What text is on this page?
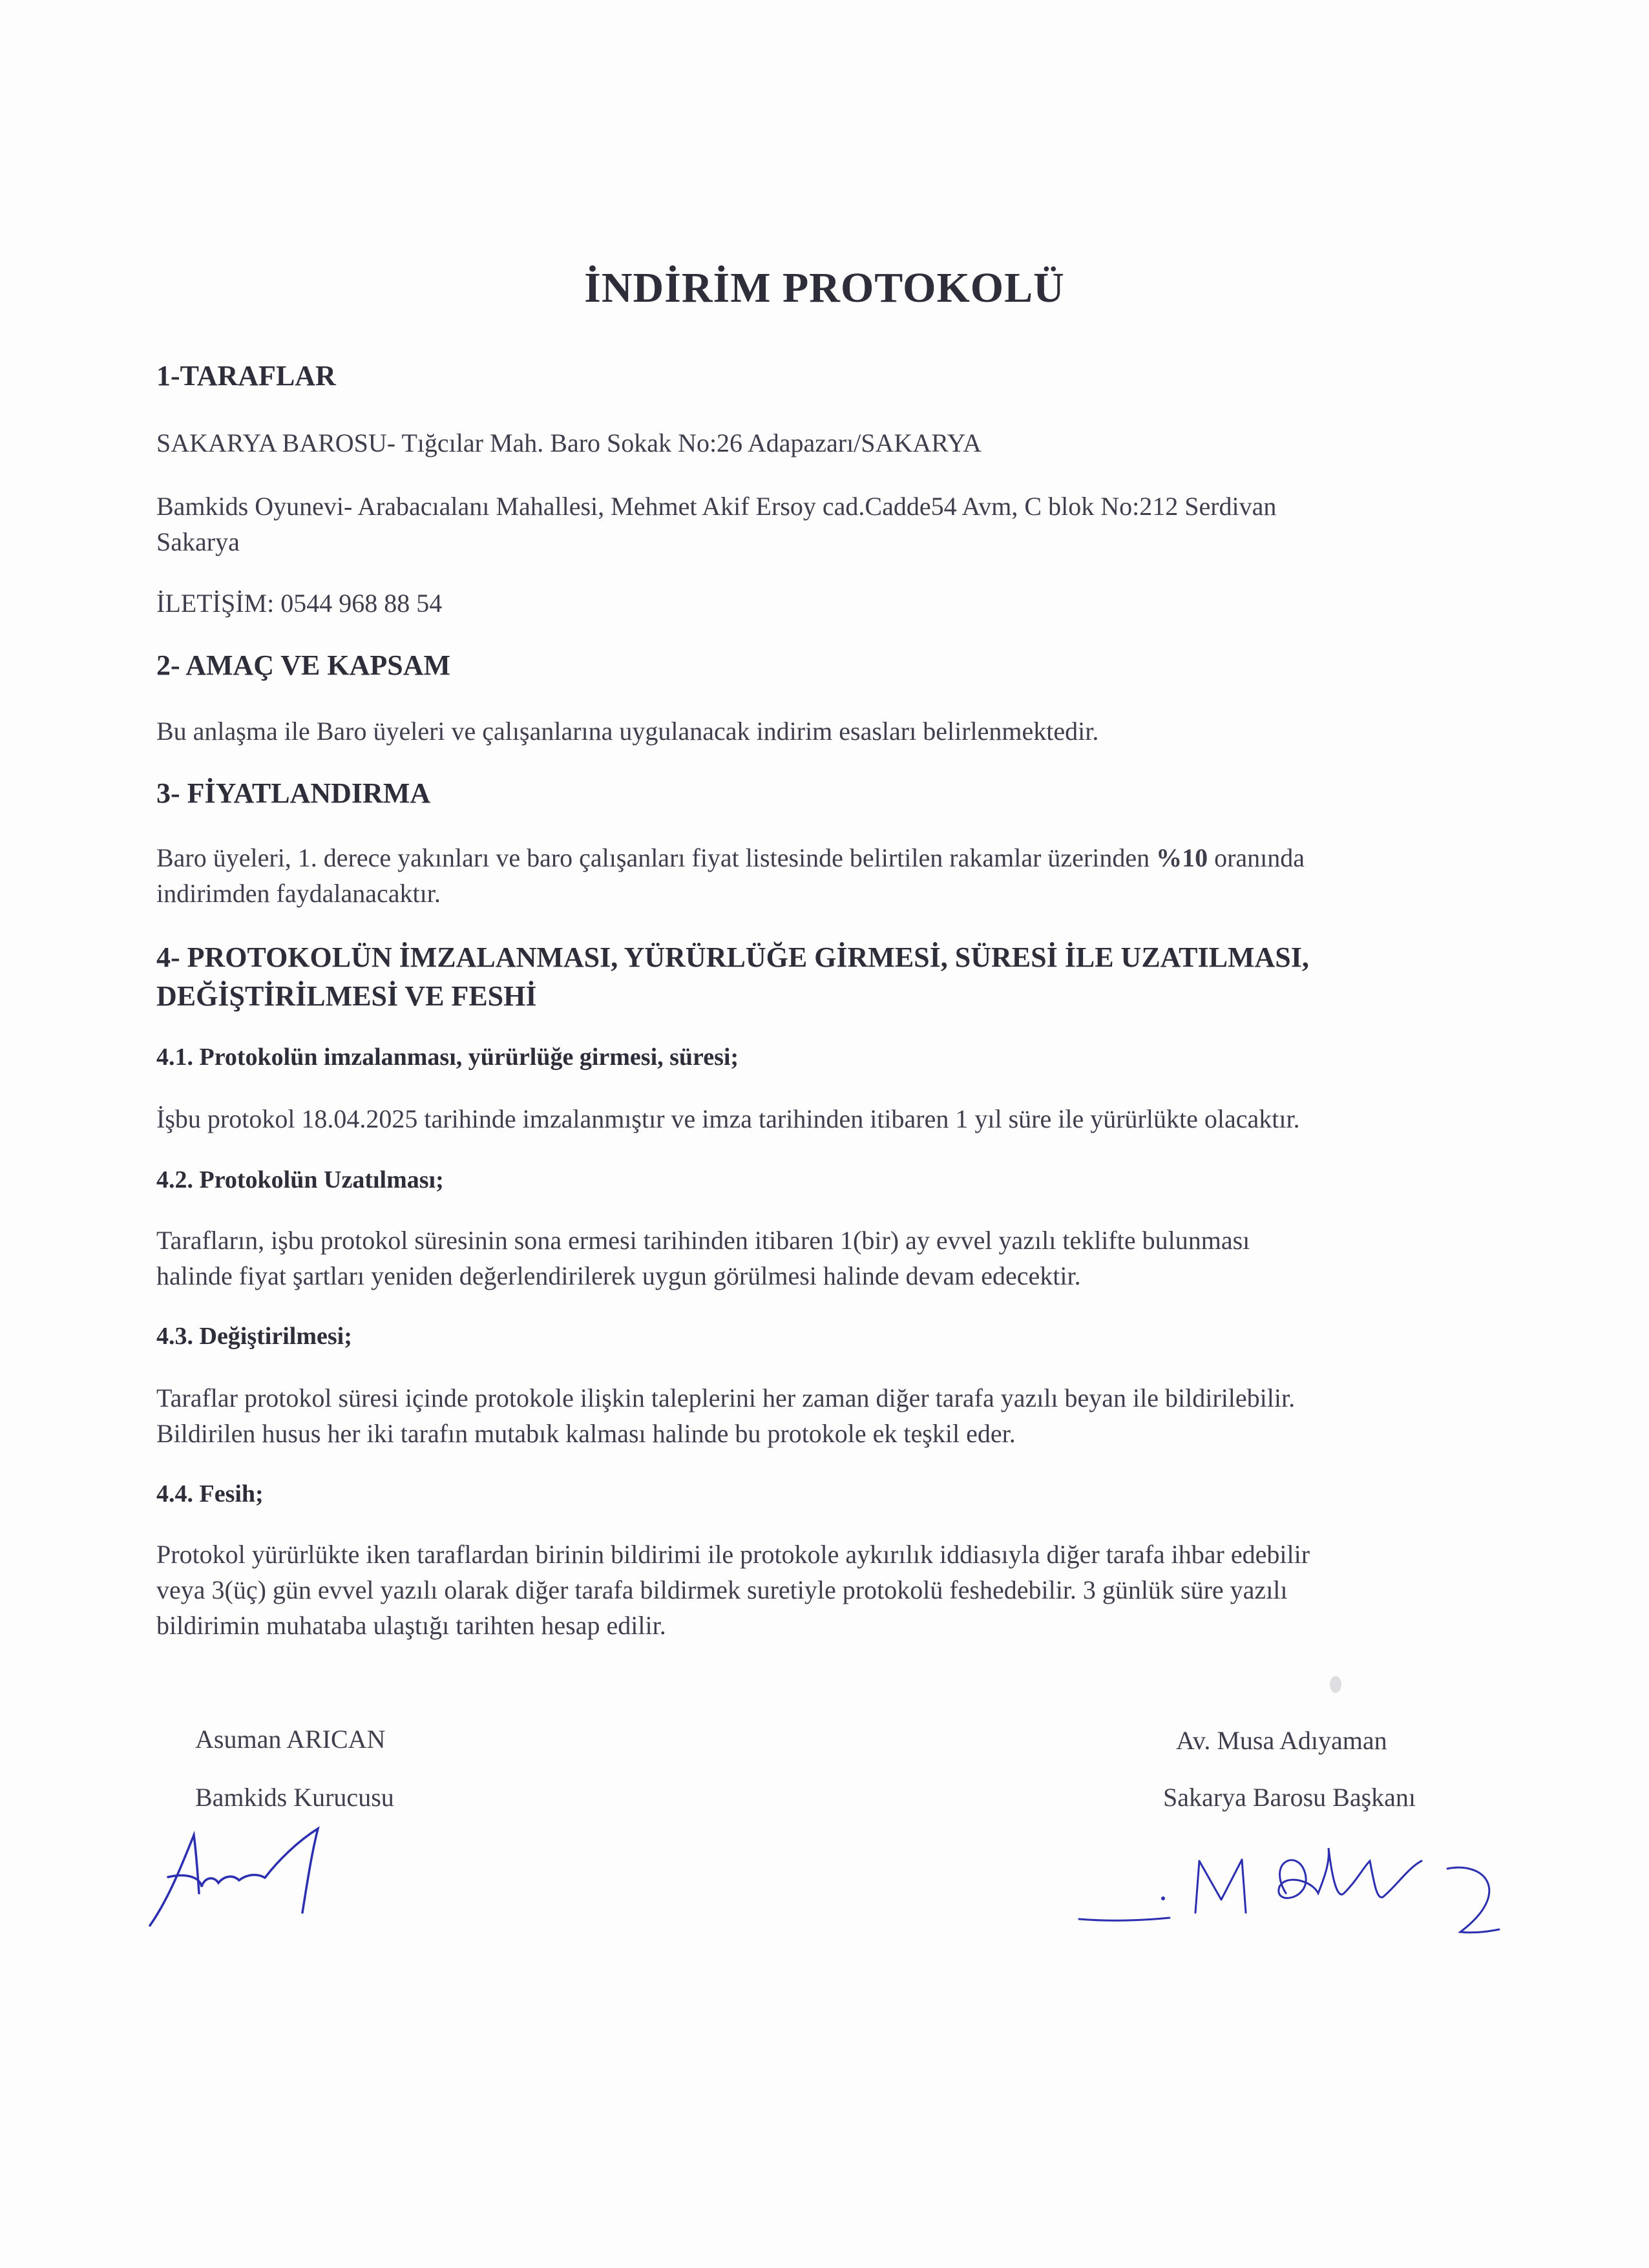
İNDİRİM PROTOKOLÜ
1-TARAFLAR
SAKARYA BAROSU- Tığcılar Mah. Baro Sokak No:26 Adapazarı/SAKARYA
Bamkids Oyunevi- Arabacıalanı Mahallesi, Mehmet Akif Ersoy cad.Cadde54 Avm, C blok No:212 Serdivan
Sakarya
İLETİŞİM: 0544 968 88 54
2- AMAÇ VE KAPSAM
Bu anlaşma ile Baro üyeleri ve çalışanlarına uygulanacak indirim esasları belirlenmektedir.
3- FİYATLANDIRMA
Baro üyeleri, 1. derece yakınları ve baro çalışanları fiyat listesinde belirtilen rakamlar üzerinden %10 oranında
indirimden faydalanacaktır.
4- PROTOKOLÜN İMZALANMASI, YÜRÜRLÜĞE GİRMESİ, SÜRESİ İLE UZATILMASI,
DEĞİŞTİRİLMESİ VE FESHİ
4.1. Protokolün imzalanması, yürürlüğe girmesi, süresi;
İşbu protokol 18.04.2025 tarihinde imzalanmıştır ve imza tarihinden itibaren 1 yıl süre ile yürürlükte olacaktır.
4.2. Protokolün Uzatılması;
Tarafların, işbu protokol süresinin sona ermesi tarihinden itibaren 1(bir) ay evvel yazılı teklifte bulunması
halinde fiyat şartları yeniden değerlendirilerek uygun görülmesi halinde devam edecektir.
4.3. Değiştirilmesi;
Taraflar protokol süresi içinde protokole ilişkin taleplerini her zaman diğer tarafa yazılı beyan ile bildirilebilir.
Bildirilen husus her iki tarafın mutabık kalması halinde bu protokole ek teşkil eder.
4.4. Fesih;
Protokol yürürlükte iken taraflardan birinin bildirimi ile protokole aykırılık iddiasıyla diğer tarafa ihbar edebilir
veya 3(üç) gün evvel yazılı olarak diğer tarafa bildirmek suretiyle protokolü feshedebilir. 3 günlük süre yazılı
bildirimin muhataba ulaştığı tarihten hesap edilir.
Asuman ARICAN
Bamkids Kurucusu
Av. Musa Adıyaman
Sakarya Barosu Başkanı
